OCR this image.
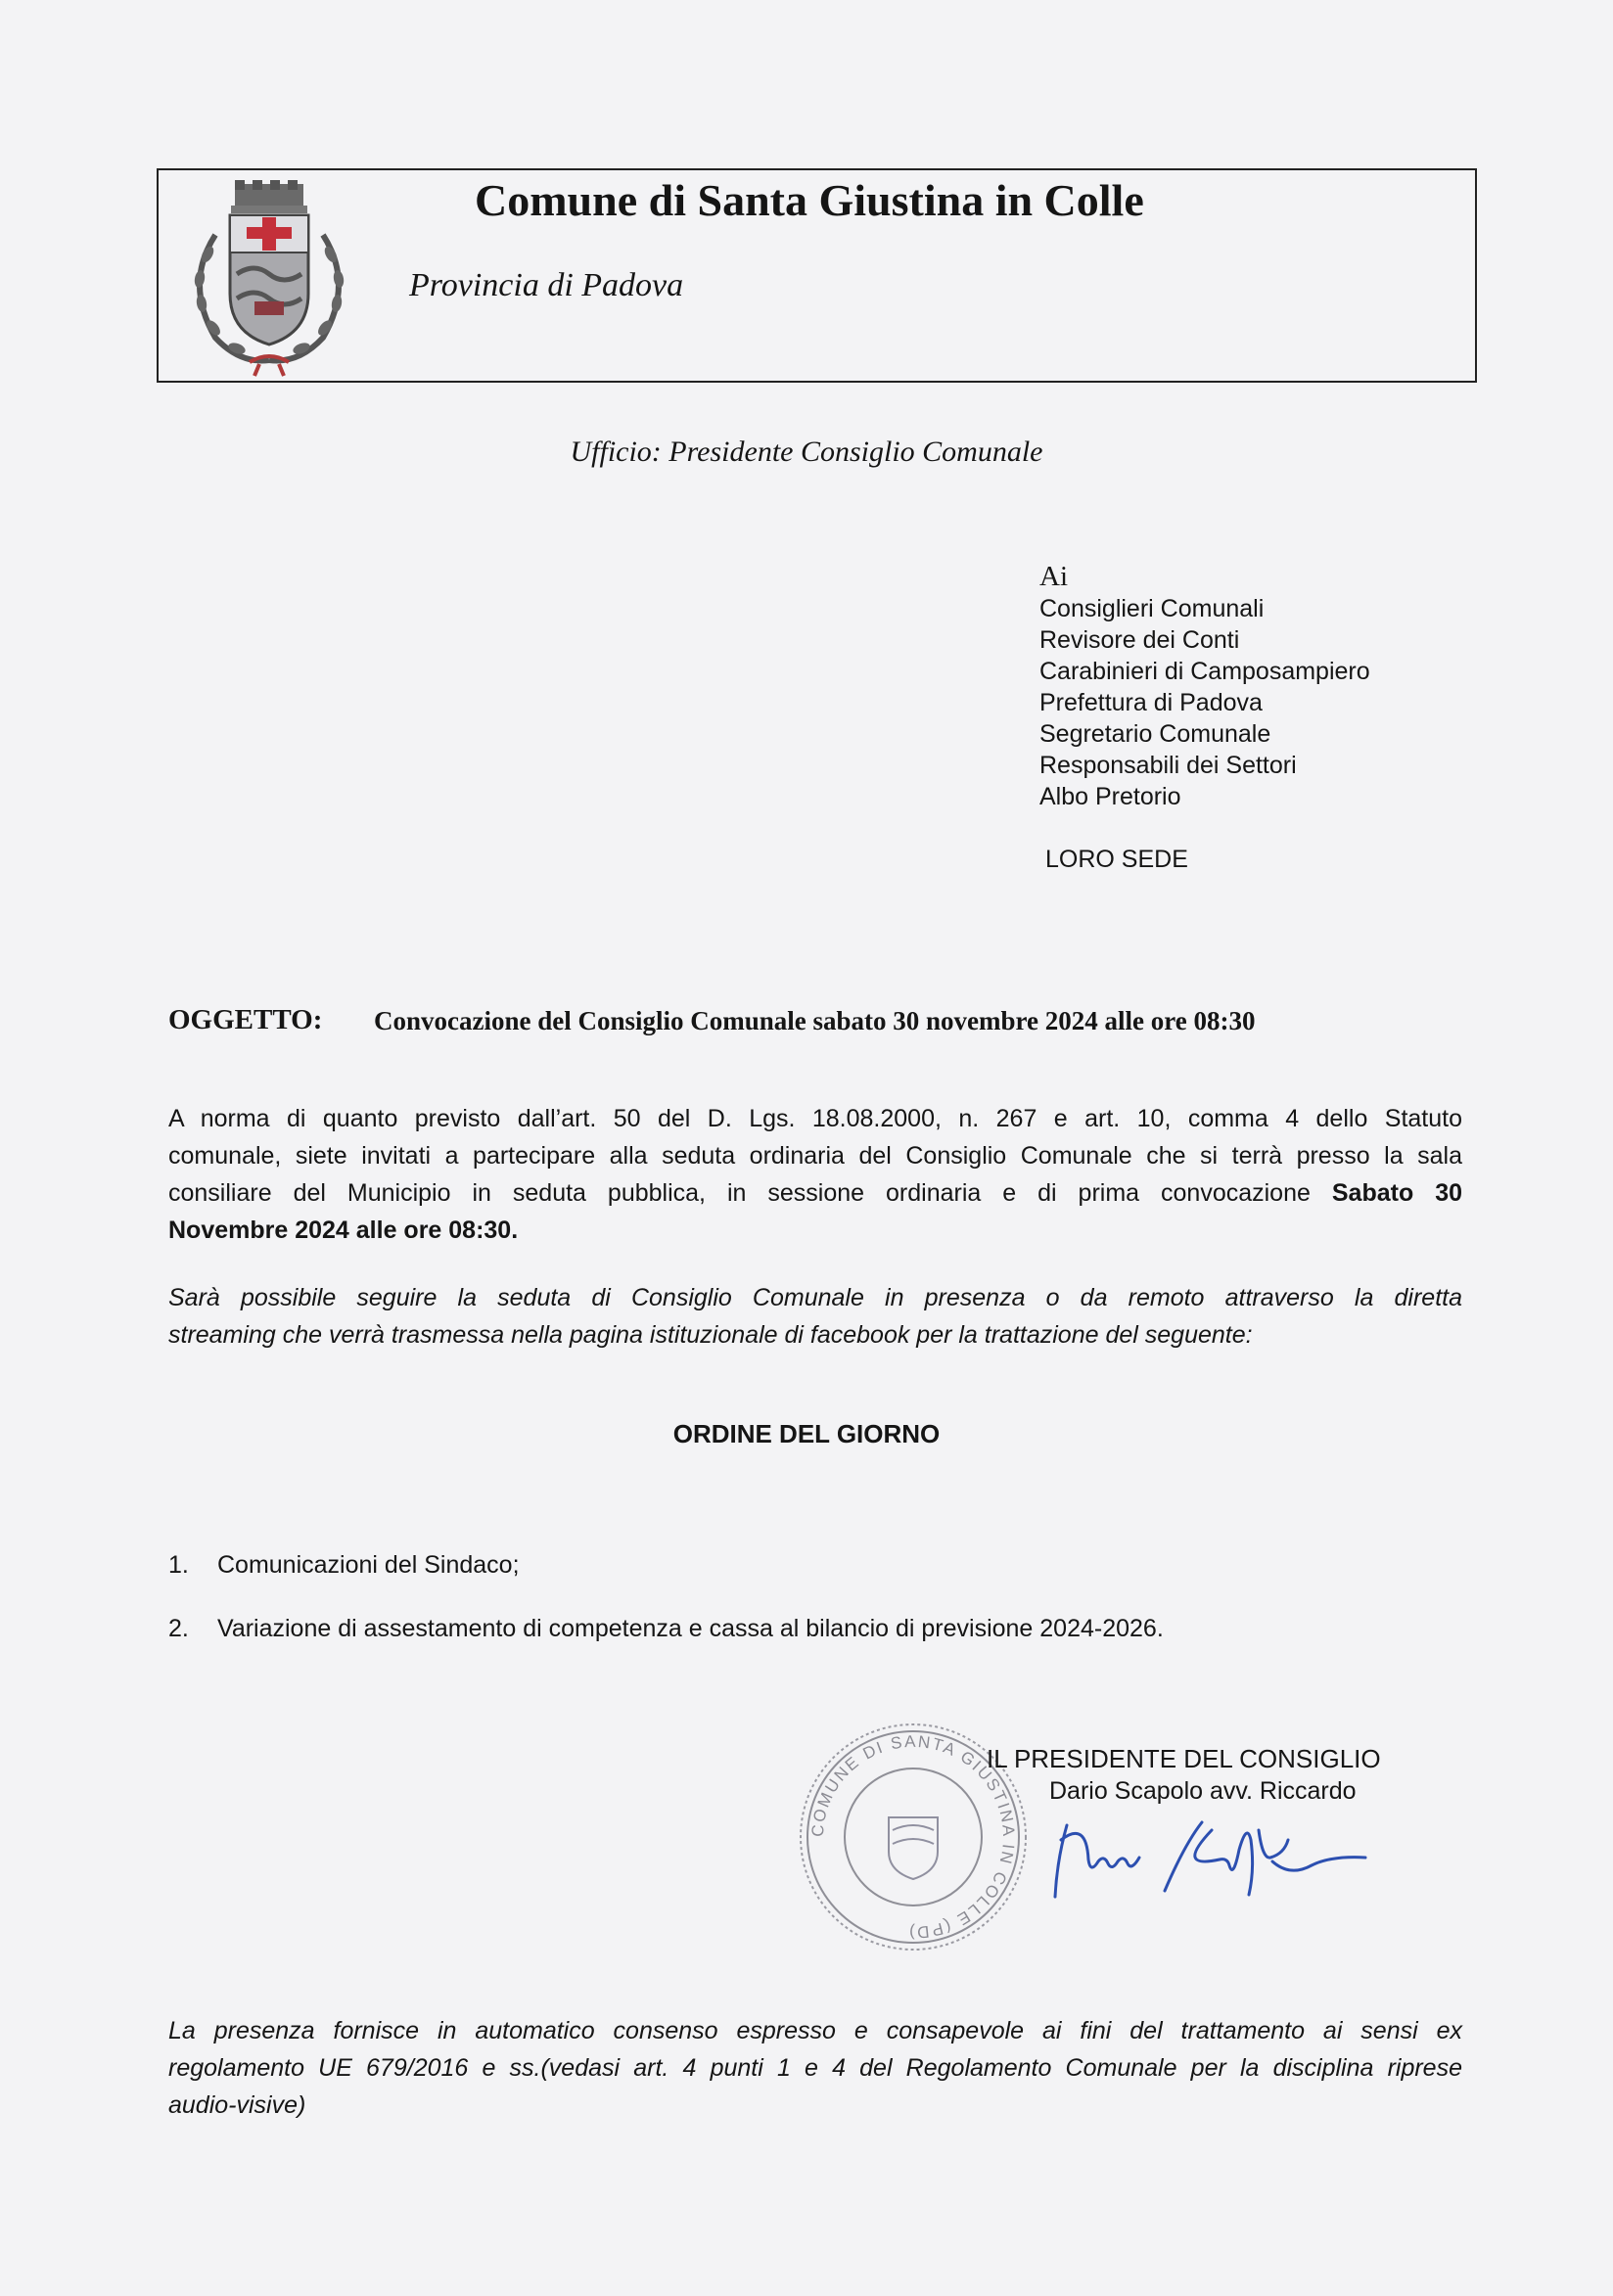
Comune di Santa Giustina in Colle
Provincia di Padova
Ufficio: Presidente Consiglio Comunale
Ai
Consiglieri Comunali
Revisore dei Conti
Carabinieri di Camposampiero
Prefettura di Padova
Segretario Comunale
Responsabili dei Settori
Albo Pretorio
LORO SEDE
OGGETTO: Convocazione del Consiglio Comunale sabato 30 novembre 2024 alle ore 08:30
A norma di quanto previsto dall’art. 50 del D. Lgs. 18.08.2000, n. 267 e art. 10, comma 4 dello Statuto
comunale, siete invitati a partecipare alla seduta ordinaria del Consiglio Comunale che si terrà presso la sala
consiliare del Municipio in seduta pubblica, in sessione ordinaria e di prima convocazione Sabato 30
Novembre 2024 alle ore 08:30.
Sarà possibile seguire la seduta di Consiglio Comunale in presenza o da remoto attraverso la diretta
streaming che verrà trasmessa nella pagina istituzionale di facebook per la trattazione del seguente:
ORDINE DEL GIORNO
1. Comunicazioni del Sindaco;
2. Variazione di assestamento di competenza e cassa al bilancio di previsione 2024-2026.
COMUNE DI SANTA GIUSTINA IN COLLE (PD)
IL PRESIDENTE DEL CONSIGLIO
Dario Scapolo avv. Riccardo
La presenza fornisce in automatico consenso espresso e consapevole ai fini del trattamento ai sensi ex
regolamento UE 679/2016 e ss.(vedasi art. 4 punti 1 e 4 del Regolamento Comunale per la disciplina riprese
audio-visive)
